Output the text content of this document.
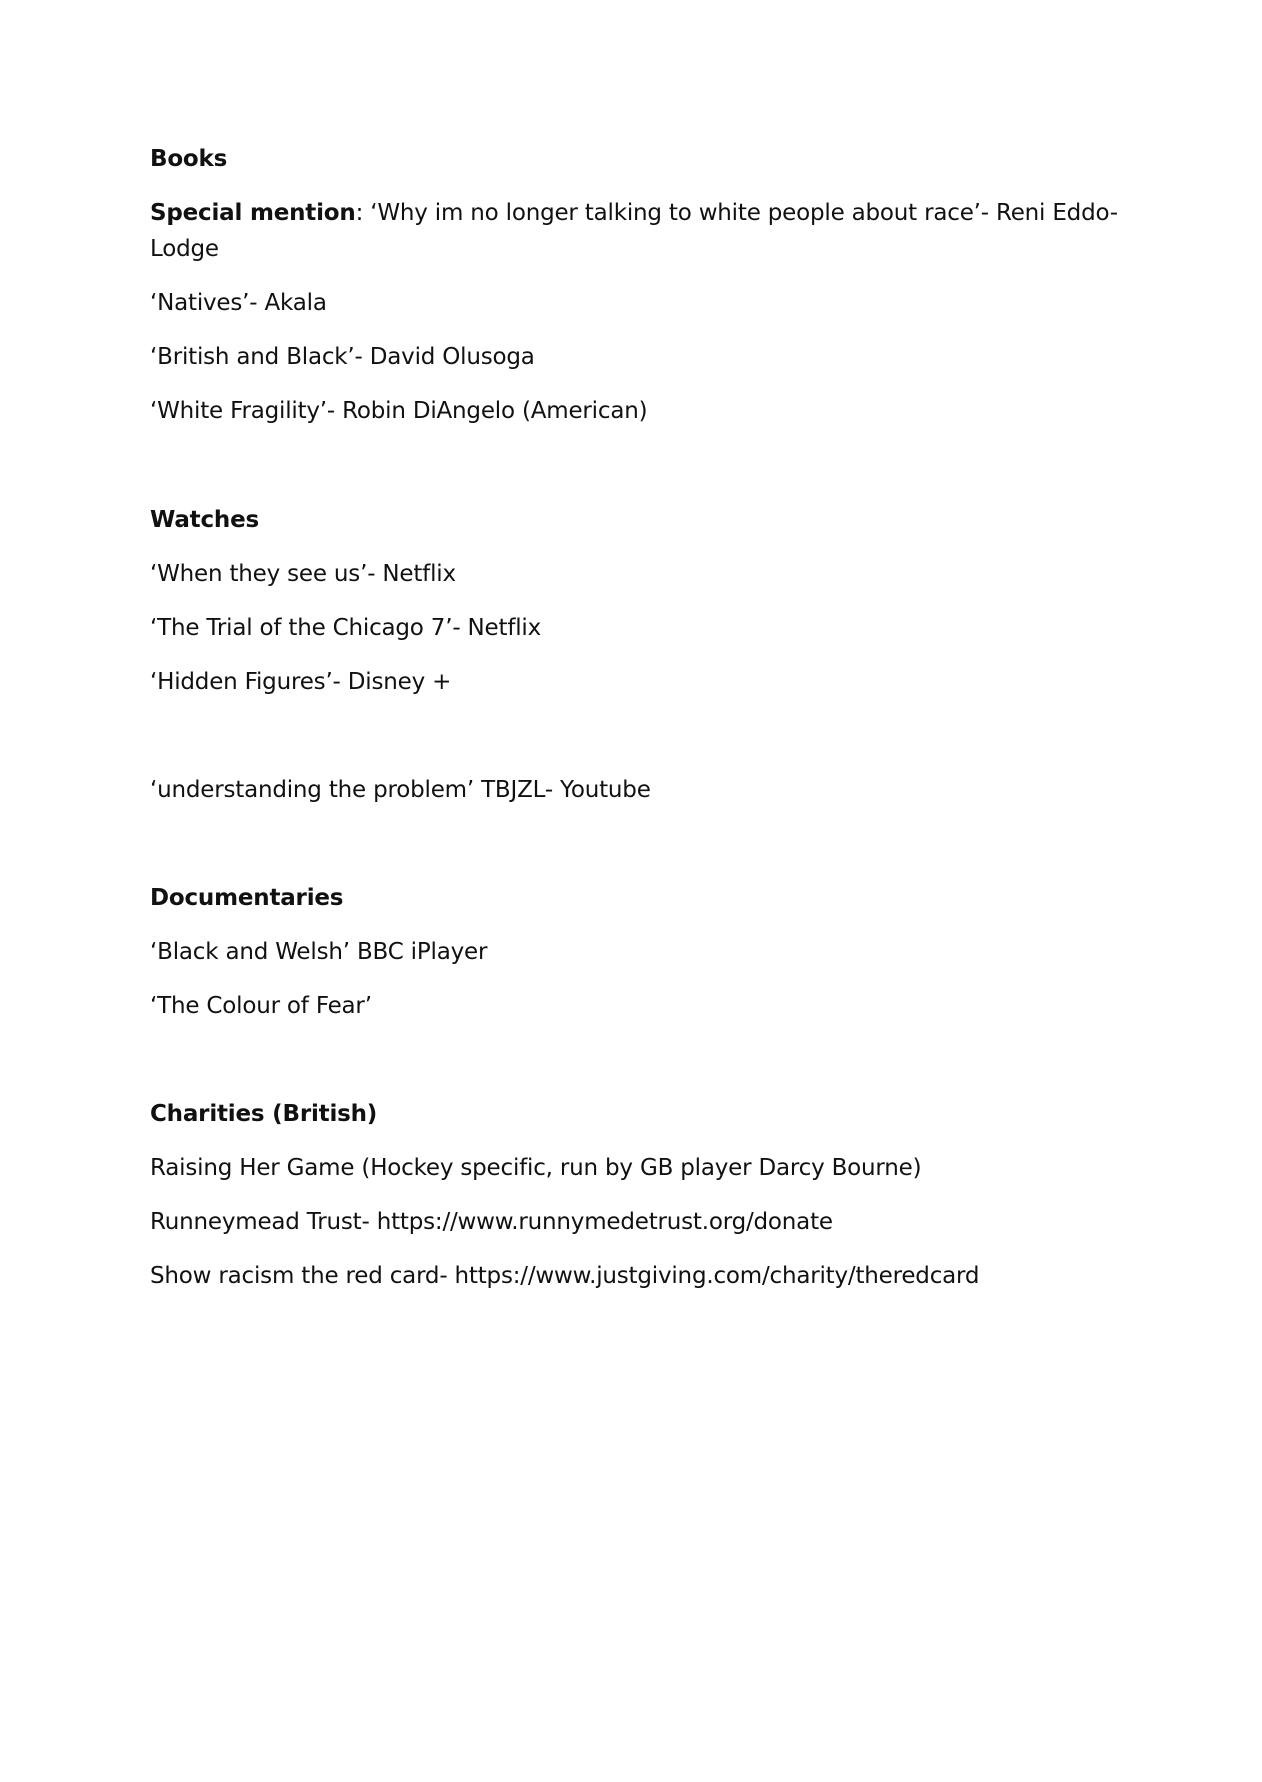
Books
Special mention: ‘Why im no longer talking to white people about race’- Reni Eddo-
Lodge
‘Natives’- Akala
‘British and Black’- David Olusoga
‘White Fragility’- Robin DiAngelo (American)
Watches
‘When they see us’- Netflix
‘The Trial of the Chicago 7’- Netflix
‘Hidden Figures’- Disney +
‘understanding the problem’ TBJZL- Youtube
Documentaries
‘Black and Welsh’ BBC iPlayer
‘The Colour of Fear’
Charities (British)
Raising Her Game (Hockey specific, run by GB player Darcy Bourne)
Runneymead Trust- https://www.runnymedetrust.org/donate
Show racism the red card- https://www.justgiving.com/charity/theredcard
